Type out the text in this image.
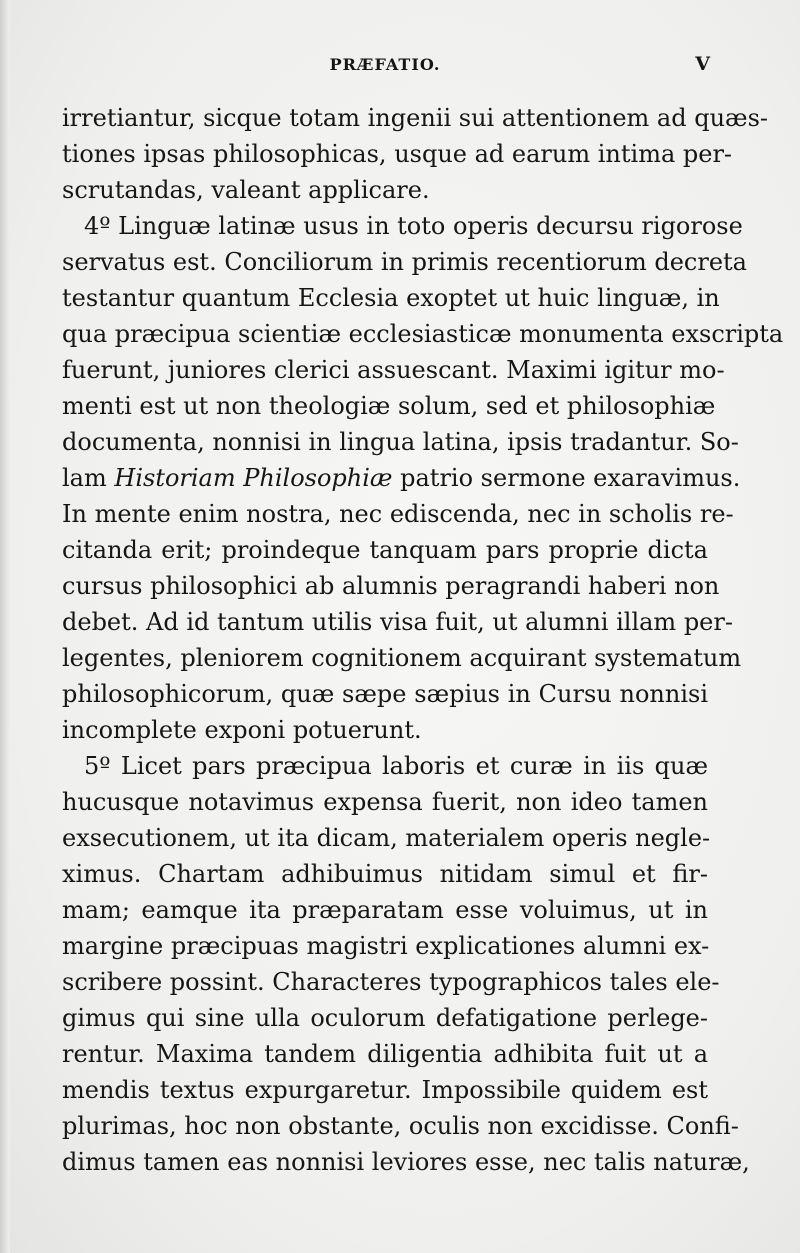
PRÆFATIO.	V
irretiantur, sicque totam ingenii sui attentionem ad quæs-
tiones ipsas philosophicas, usque ad earum intima per-
scrutandas, valeant applicare.
4º Linguæ latinæ usus in toto operis decursu rigorose
servatus est. Conciliorum in primis recentiorum decreta
testantur quantum Ecclesia exoptet ut huic linguæ, in
qua præcipua scientiæ ecclesiasticæ monumenta exscripta
fuerunt, juniores clerici assuescant. Maximi igitur mo-
menti est ut non theologiæ solum, sed et philosophiæ
documenta, nonnisi in lingua latina, ipsis tradantur. So-
lam Historiam Philosophiæ patrio sermone exaravimus.
In mente enim nostra, nec ediscenda, nec in scholis re-
citanda erit; proindeque tanquam pars proprie dicta
cursus philosophici ab alumnis peragrandi haberi non
debet. Ad id tantum utilis visa fuit, ut alumni illam per-
legentes, pleniorem cognitionem acquirant systematum
philosophicorum, quæ sæpe sæpius in Cursu nonnisi
incomplete exponi potuerunt.
5º Licet pars præcipua laboris et curæ in iis quæ
hucusque notavimus expensa fuerit, non ideo tamen
exsecutionem, ut ita dicam, materialem operis negle-
ximus. Chartam adhibuimus nitidam simul et fir-
mam; eamque ita præparatam esse voluimus, ut in
margine præcipuas magistri explicationes alumni ex-
scribere possint. Characteres typographicos tales ele-
gimus qui sine ulla oculorum defatigatione perlege-
rentur. Maxima tandem diligentia adhibita fuit ut a
mendis textus expurgaretur. Impossibile quidem est
plurimas, hoc non obstante, oculis non excidisse. Confi-
dimus tamen eas nonnisi leviores esse, nec talis naturæ,
